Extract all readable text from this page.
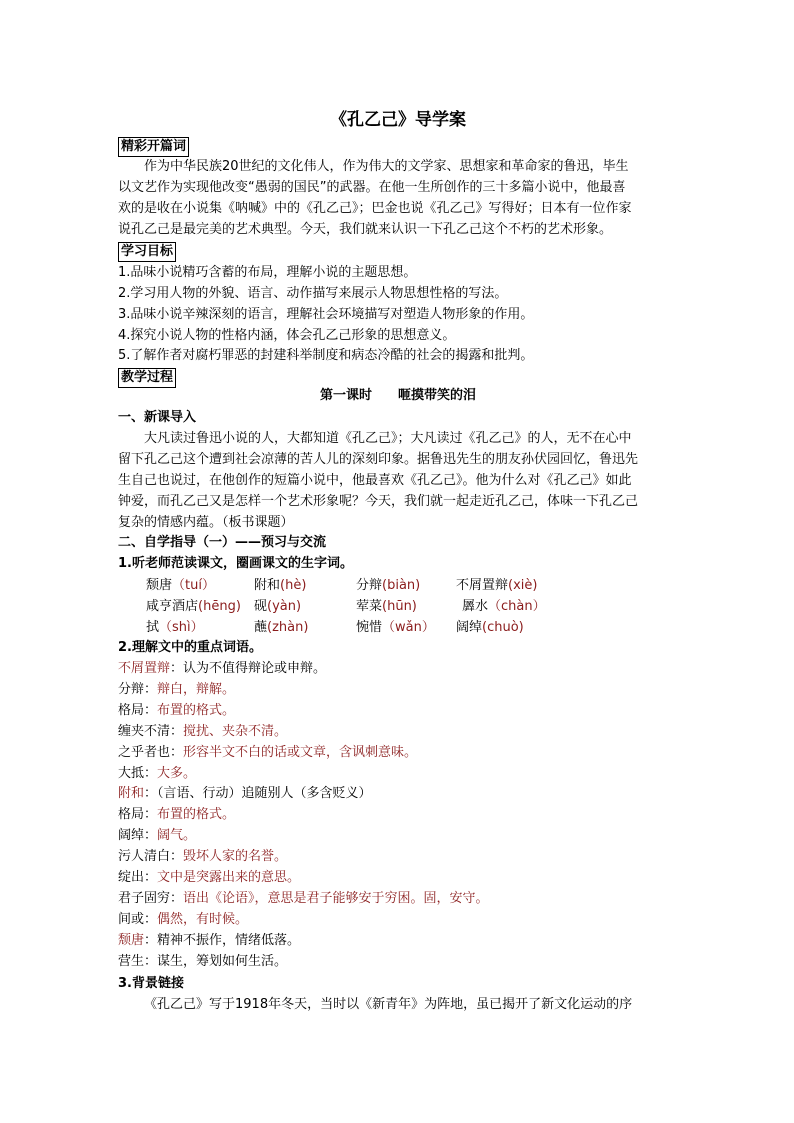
《孔乙己》导学案
精彩开篇词
作为中华民族20世纪的文化伟人，作为伟大的文学家、思想家和革命家的鲁迅，毕生
以文艺作为实现他改变“愚弱的国民”的武器。在他一生所创作的三十多篇小说中，他最喜
欢的是收在小说集《呐喊》中的《孔乙己》；巴金也说《孔乙己》写得好；日本有一位作家
说孔乙己是最完美的艺术典型。今天，我们就来认识一下孔乙己这个不朽的艺术形象。
学习目标
1.品味小说精巧含蓄的布局，理解小说的主题思想。
2.学习用人物的外貌、语言、动作描写来展示人物思想性格的写法。
3.品味小说辛辣深刻的语言，理解社会环境描写对塑造人物形象的作用。
4.探究小说人物的性格内涵，体会孔乙己形象的思想意义。
5.了解作者对腐朽罪恶的封建科举制度和病态冷酷的社会的揭露和批判。
教学过程
第一课时　　咂摸带笑的泪
一、新课导入
大凡读过鲁迅小说的人，大都知道《孔乙己》；大凡读过《孔乙己》的人，无不在心中
留下孔乙己这个遭到社会凉薄的苦人儿的深刻印象。据鲁迅先生的朋友孙伏园回忆，鲁迅先
生自己也说过，在他创作的短篇小说中，他最喜欢《孔乙己》。他为什么对《孔乙己》如此
钟爱，而孔乙己又是怎样一个艺术形象呢？今天，我们就一起走近孔乙己，体味一下孔乙己
复杂的情感内蕴。（板书课题）
二、自学指导（一）——预习与交流
1.听老师范读课文，圈画课文的生字词。
颓唐（tuí）	附和(hè)	分辩(biàn)	不屑置辩(xiè)
咸亨酒店(hēng) 砚(yàn)	荤菜(hūn)	羼水（chàn）
拭（shì）	蘸(zhàn)	惋惜（wǎn） 阔绰(chuò)
2.理解文中的重点词语。
不屑置辩：认为不值得辩论或申辩。
分辩：辩白，辩解。
格局：布置的格式。
缠夹不清：搅扰、夹杂不清。
之乎者也：形容半文不白的话或文章，含讽刺意味。
大抵：大多。
附和：（言语、行动）追随别人（多含贬义）
格局：布置的格式。
阔绰：阔气。
污人清白：毁坏人家的名誉。
绽出：文中是突露出来的意思。
君子固穷：语出《论语》，意思是君子能够安于穷困。固，安守。
间或：偶然，有时候。
颓唐：精神不振作，情绪低落。
营生：谋生，筹划如何生活。
3.背景链接
《孔乙己》写于1918年冬天，当时以《新青年》为阵地，虽已揭开了新文化运动的序
